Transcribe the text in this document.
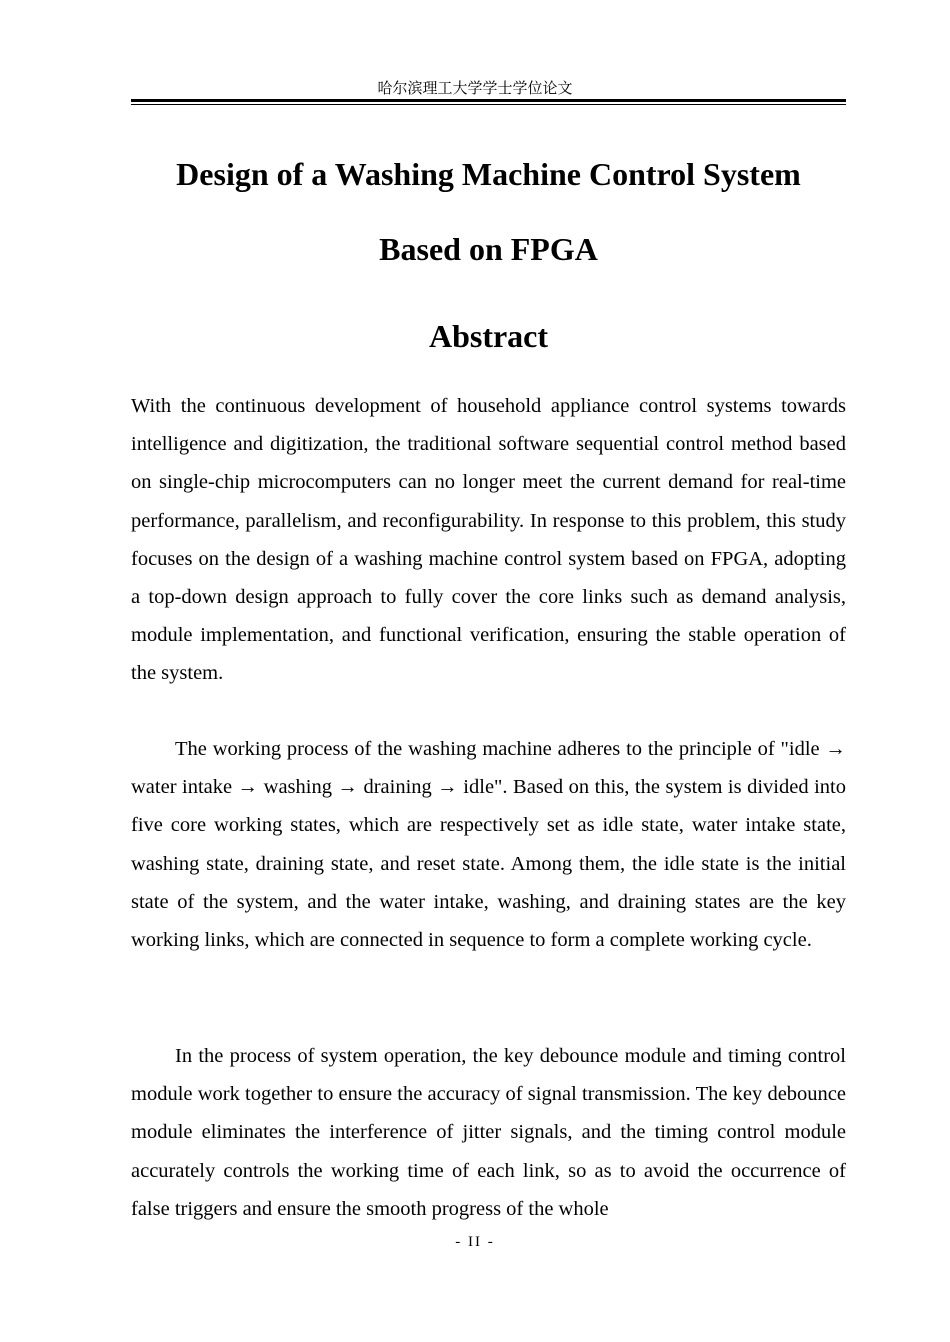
哈尔滨理工大学学士学位论文
Design of a Washing Machine Control System
Based on FPGA
Abstract

With the continuous development of household appliance control systems towards intelligence and digitization, the traditional software sequential control method based on single-chip microcomputers can no longer meet the current demand for real-time performance, parallelism, and reconfigurability. In response to this problem, this study focuses on the design of a washing machine control system based on FPGA, adopting a top-down design approach to fully cover the core links such as demand analysis, module implementation, and functional verification, ensuring the stable operation of the system.

The working process of the washing machine adheres to the principle of "idle → water intake → washing → draining → idle". Based on this, the system is divided into five core working states, which are respectively set as idle state, water intake state, washing state, draining state, and reset state. Among them, the idle state is the initial state of the system, and the water intake, washing, and draining states are the key working links, which are connected in sequence to form a complete working cycle.

In the process of system operation, the key debounce module and timing control module work together to ensure the accuracy of signal transmission. The key debounce module eliminates the interference of jitter signals, and the timing control module accurately controls the working time of each link, so as to avoid the occurrence of false triggers and ensure the smooth progress of the whole

- II -
